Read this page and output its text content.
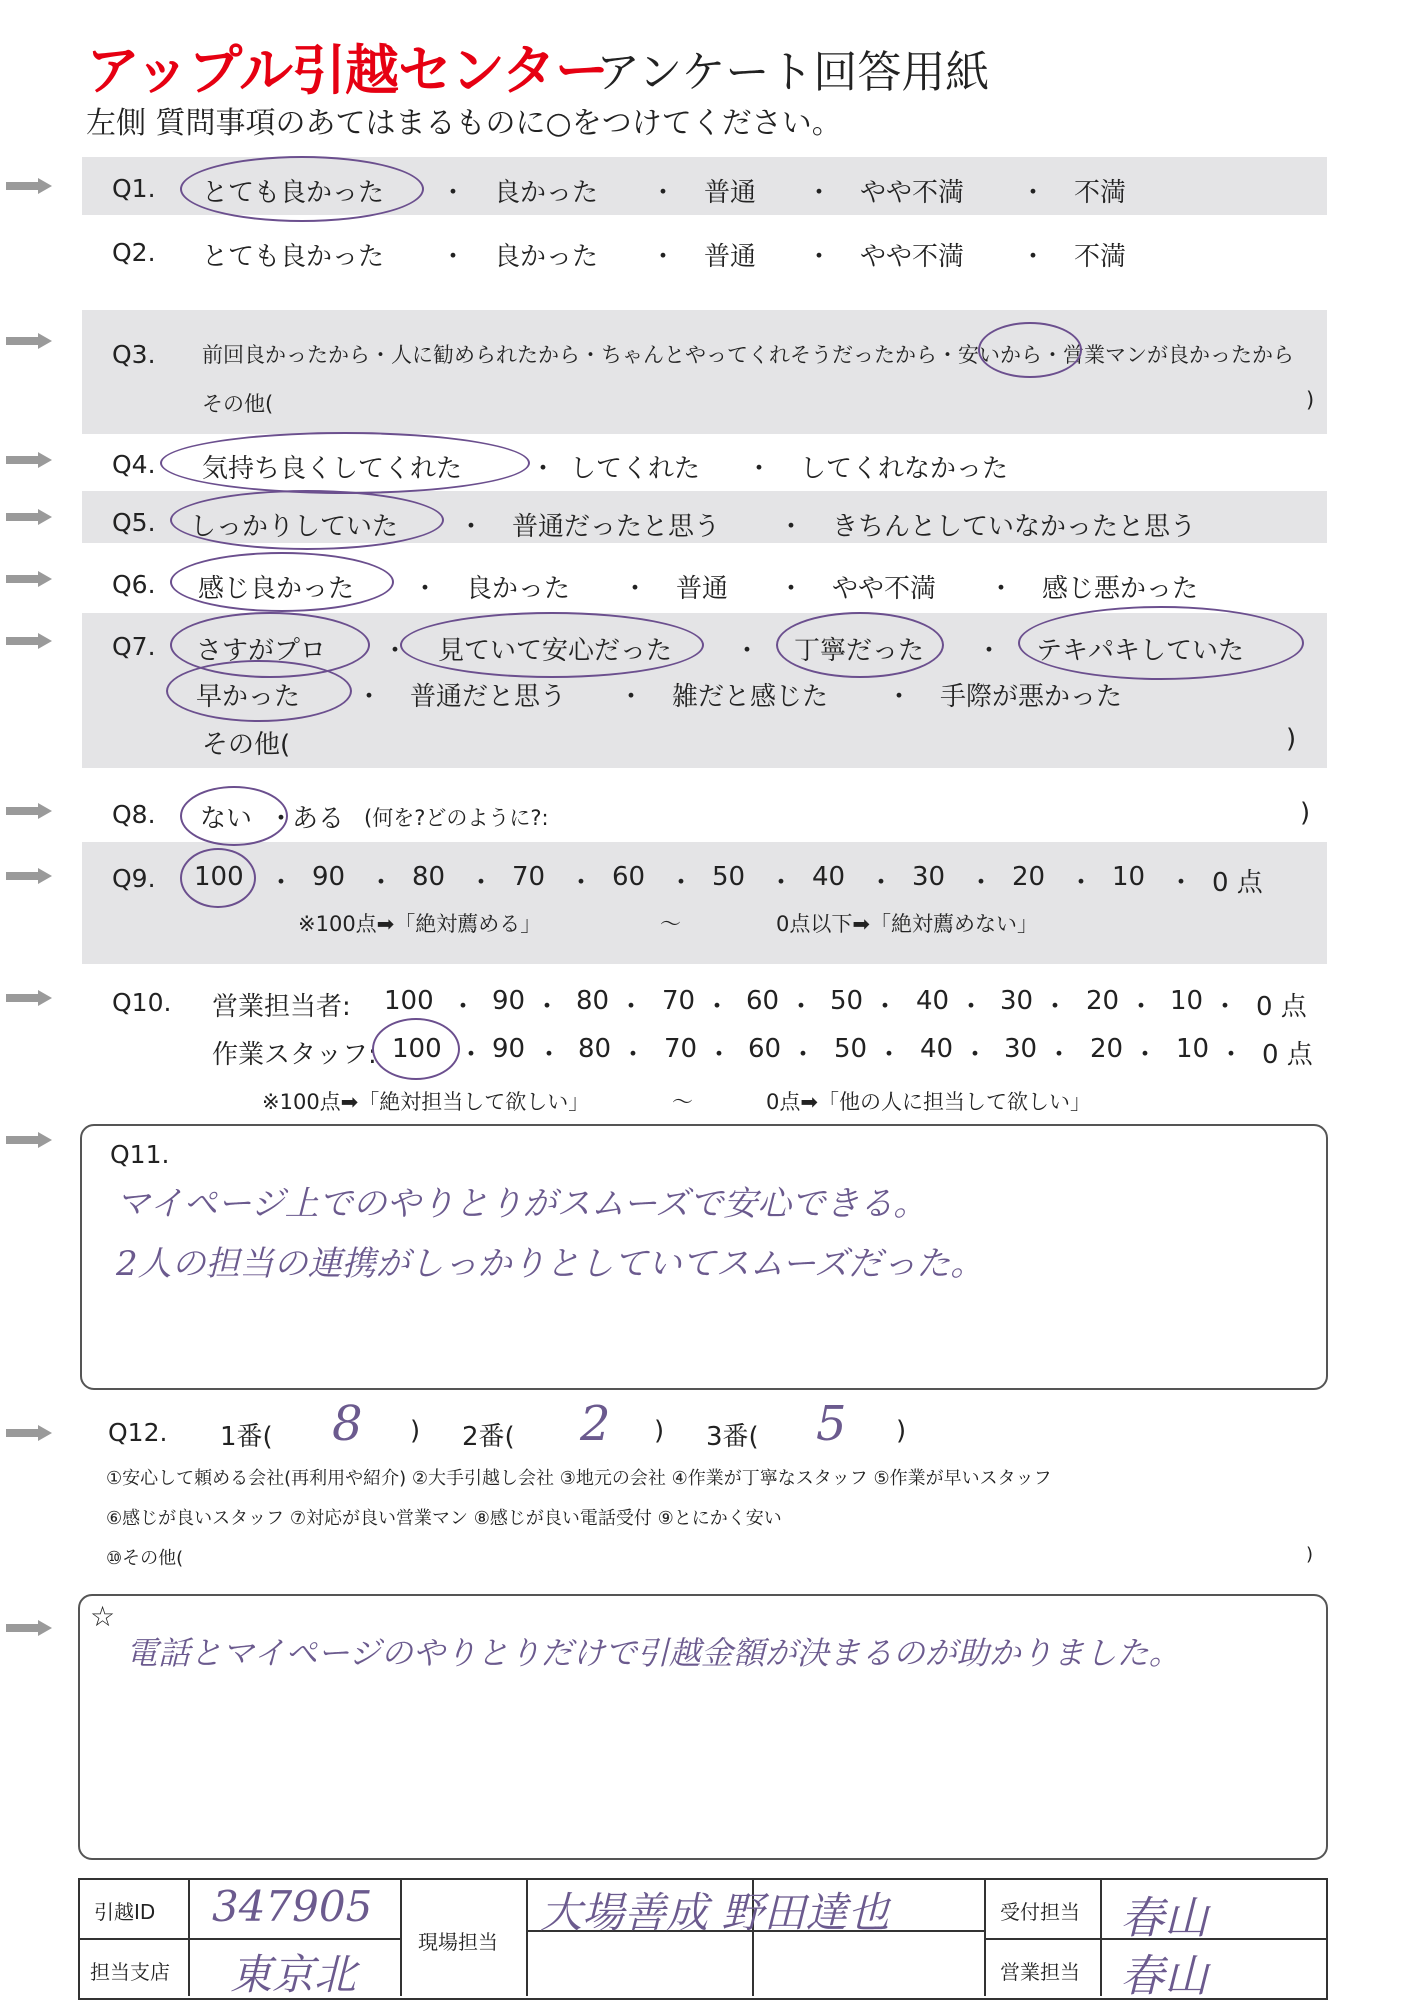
アップル引越センター
アンケート回答用紙
左側 質問事項のあてはまるものに○をつけてください。
Q1. とても良かった ・ 良かった ・ 普通 ・ やや不満 ・ 不満
Q2. とても良かった ・ 良かった ・ 普通 ・ やや不満 ・ 不満
Q3. 前回良かったから・人に勧められたから・ちゃんとやってくれそうだったから・安いから・営業マンが良かったから
その他(	)
Q4. 気持ち良くしてくれた	・ してくれた ・ してくれなかった
Q5. しっかりしていた ・ 普通だったと思う ・ きちんとしていなかったと思う
Q6. 感じ良かった ・ 良かった ・ 普通 ・ やや不満 ・ 感じ悪かった
Q7. さすがプロ ・ 見ていて安心だった ・ 丁寧だった ・ テキパキしていた
早かった ・ 普通だと思う ・ 雑だと感じた ・ 手際が悪かった
その他(	)
Q8. ない ・
ある (何を?どのように?:	)
Q9. 100 ・ 90 ・ 80 ・ 70 ・ 60 ・ 50 ・ 40 ・ 30 ・ 20 ・ 10 ・ 0 点
※100点➡「絶対薦める」	〜	0点以下➡「絶対薦めない」
Q10. 営業担当者: 100 ・ 90 ・ 80 ・ 70 ・ 60 ・ 50 ・ 40 ・ 30 ・ 20 ・ 10 ・ 0 点
作業スタッフ: 100 ・ 90 ・ 80 ・ 70 ・ 60 ・ 50 ・ 40 ・ 30 ・ 20 ・ 10 ・ 0 点
※100点➡「絶対担当して欲しい」	〜	0点➡「他の人に担当して欲しい」
Q11.
マイページ上でのやりとりがスムーズで安心できる。
2人の担当の連携がしっかりとしていてスムーズだった。
Q12. 1番( 8 ) 2番( 2 ) 3番( 5 )
①安心して頼める会社(再利用や紹介) ②大手引越し会社 ③地元の会社 ④作業が丁寧なスタッフ ⑤作業が早いスタッフ
⑥感じが良いスタッフ ⑦対応が良い営業マン ⑧感じが良い電話受付 ⑨とにかく安い
⑩その他(	)
☆
電話とマイページのやりとりだけで引越金額が決まるのが助かりました。
引越ID 347905
担当支店 東京北
現場担当
大場善成 野田達也	受付担当 春山
営業担当 春山
